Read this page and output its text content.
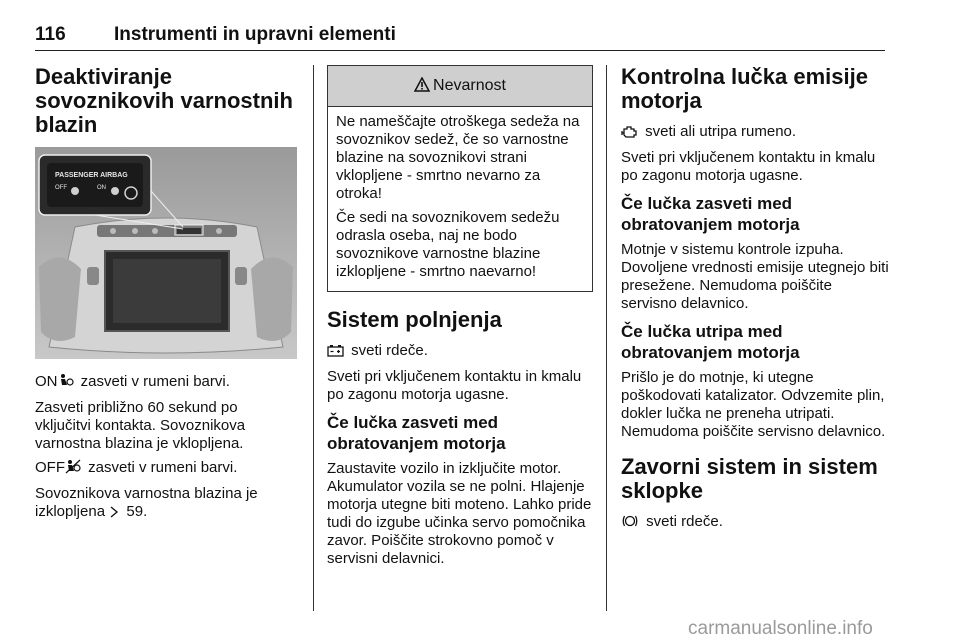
116	Instrumenti in upravni elementi
Deaktiviranje sovoznikovih varnostnih blazin
PASSENGER AIRBAG
OFF	ON

ON zasveti v rumeni barvi.

Zasveti približno 60 sekund po vključitvi kontakta. Sovoznikova varnostna blazina je vklopljena.

OFF zasveti v rumeni barvi.

Sovoznikova varnostna blazina je izklopljena  59.

Nevarnost

Ne nameščajte otroškega sedeža na sovoznikov sedež, če so varnostne blazine na sovoznikovi strani vklopljene - smrtno nevarno za otroka!

Če sedi na sovoznikovem sedežu odrasla oseba, naj ne bodo sovoznikove varnostne blazine izklopljene - smrtno naevarno!

Sistem polnjenja

sveti rdeče.

Sveti pri vključenem kontaktu in kmalu po zagonu motorja ugasne.

Če lučka zasveti med obratovanjem motorja

Zaustavite vozilo in izključite motor. Akumulator vozila se ne polni. Hlajenje motorja utegne biti moteno. Lahko pride tudi do izgube učinka servo pomočnika zavor. Poiščite strokovno pomoč v servisni delavnici.

Kontrolna lučka emisije motorja

sveti ali utripa rumeno.

Sveti pri vključenem kontaktu in kmalu po zagonu motorja ugasne.

Če lučka zasveti med obratovanjem motorja

Motnje v sistemu kontrole izpuha. Dovoljene vrednosti emisije utegnejo biti presežene. Nemudoma poiščite servisno delavnico.

Če lučka utripa med obratovanjem motorja

Prišlo je do motnje, ki utegne poškodovati katalizator. Odvzemite plin, dokler lučka ne preneha utripati. Nemudoma poiščite servisno delavnico.

Zavorni sistem in sistem sklopke

sveti rdeče.

carmanualsonline.info
